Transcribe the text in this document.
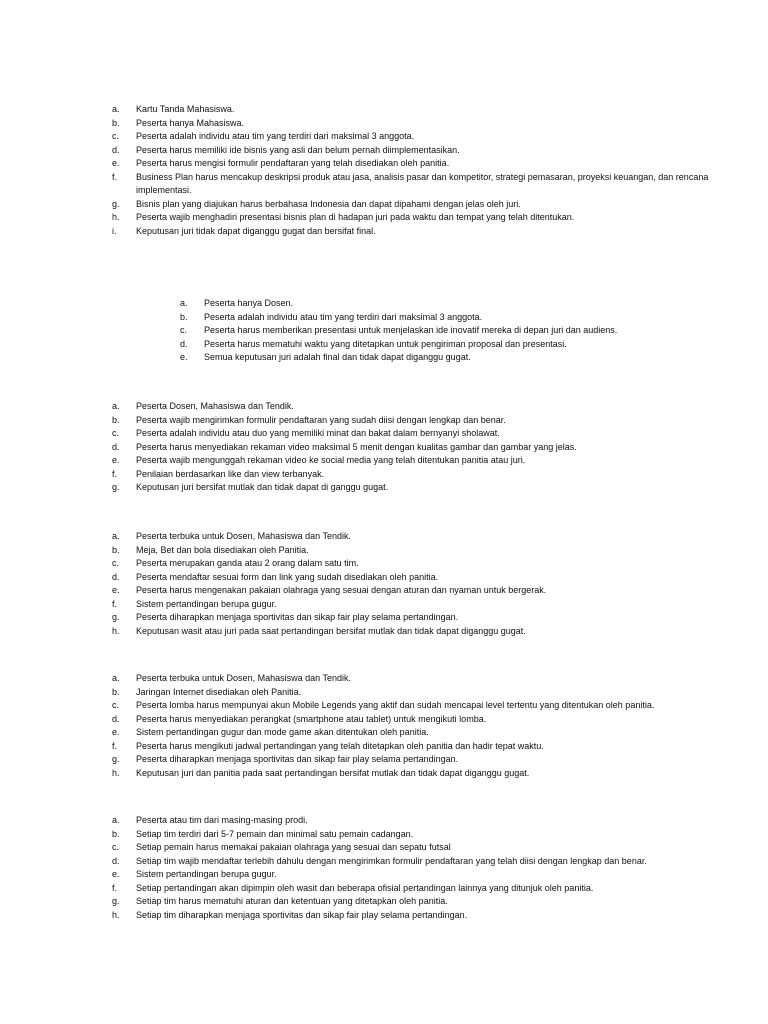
a. Kartu Tanda Mahasiswa.
b. Peserta hanya Mahasiswa.
c. Peserta adalah individu atau tim yang terdiri dari maksimal 3 anggota.
d. Peserta harus memiliki ide bisnis yang asli dan belum pernah diimplementasikan.
e. Peserta harus mengisi formulir pendaftaran yang telah disediakan oleh panitia.
f. Business Plan harus mencakup deskripsi produk atau jasa, analisis pasar dan kompetitor, strategi pemasaran, proyeksi keuangan, dan rencana implementasi.
g. Bisnis plan yang diajukan harus berbahasa Indonesia dan dapat dipahami dengan jelas oleh juri.
h. Peserta wajib menghadiri presentasi bisnis plan di hadapan juri pada waktu dan tempat yang telah ditentukan.
i. Keputusan juri tidak dapat diganggu gugat dan bersifat final.
a. Peserta hanya Dosen.
b. Peserta adalah individu atau tim yang terdiri dari maksimal 3 anggota.
c. Peserta harus memberikan presentasi untuk menjelaskan ide inovatif mereka di depan juri dan audiens.
d. Peserta harus mematuhi waktu yang ditetapkan untuk pengiriman proposal dan presentasi.
e. Semua keputusan juri adalah final dan tidak dapat diganggu gugat.
a. Peserta Dosen, Mahasiswa dan Tendik.
b. Peserta wajib mengirimkan formulir pendaftaran yang sudah diisi dengan lengkap dan benar.
c. Peserta adalah individu atau duo yang memiliki minat dan bakat dalam bernyanyi sholawat.
d. Peserta harus menyediakan rekaman video maksimal 5 menit dengan kualitas gambar dan gambar yang jelas.
e. Peserta wajib mengunggah rekaman video ke social media yang telah ditentukan panitia atau juri.
f. Penilaian berdasarkan like dan view terbanyak.
g. Keputusan juri bersifat mutlak dan tidak dapat di ganggu gugat.
a. Peserta terbuka untuk Dosen, Mahasiswa dan Tendik.
b. Meja, Bet dan bola disediakan oleh Panitia.
c. Peserta merupakan ganda atau 2 orang dalam satu tim.
d. Peserta mendaftar sesuai form dan link yang sudah disediakan oleh panitia.
e. Peserta harus mengenakan pakaian olahraga yang sesuai dengan aturan dan nyaman untuk bergerak.
f. Sistem pertandingan berupa gugur.
g. Peserta diharapkan menjaga sportivitas dan sikap fair play selama pertandingan.
h. Keputusan wasit atau juri pada saat pertandingan bersifat mutlak dan tidak dapat diganggu gugat.
a. Peserta terbuka untuk Dosen, Mahasiswa dan Tendik.
b. Jaringan Internet disediakan oleh Panitia.
c. Peserta lomba harus mempunyai akun Mobile Legends yang aktif dan sudah mencapai level tertentu yang ditentukan oleh panitia.
d. Peserta harus menyediakan perangkat (smartphone atau tablet) untuk mengikuti lomba.
e. Sistem pertandingan gugur dan mode game akan ditentukan oleh panitia.
f. Peserta harus mengikuti jadwal pertandingan yang telah ditetapkan oleh panitia dan hadir tepat waktu.
g. Peserta diharapkan menjaga sportivitas dan sikap fair play selama pertandingan.
h. Keputusan juri dan panitia pada saat pertandingan bersifat mutlak dan tidak dapat diganggu gugat.
a. Peserta atau tim dari masing-masing prodi.
b. Setiap tim terdiri dari 5-7 pemain dan minimal satu pemain cadangan.
c. Setiap pemain harus memakai pakaian olahraga yang sesuai dan sepatu futsal
d. Setiap tim wajib mendaftar terlebih dahulu dengan mengirimkan formulir pendaftaran yang telah diisi dengan lengkap dan benar.
e. Sistem pertandingan berupa gugur.
f. Setiap pertandingan akan dipimpin oleh wasit dan beberapa ofisial pertandingan lainnya yang ditunjuk oleh panitia.
g. Setiap tim harus mematuhi aturan dan ketentuan yang ditetapkan oleh panitia.
h. Setiap tim diharapkan menjaga sportivitas dan sikap fair play selama pertandingan.
